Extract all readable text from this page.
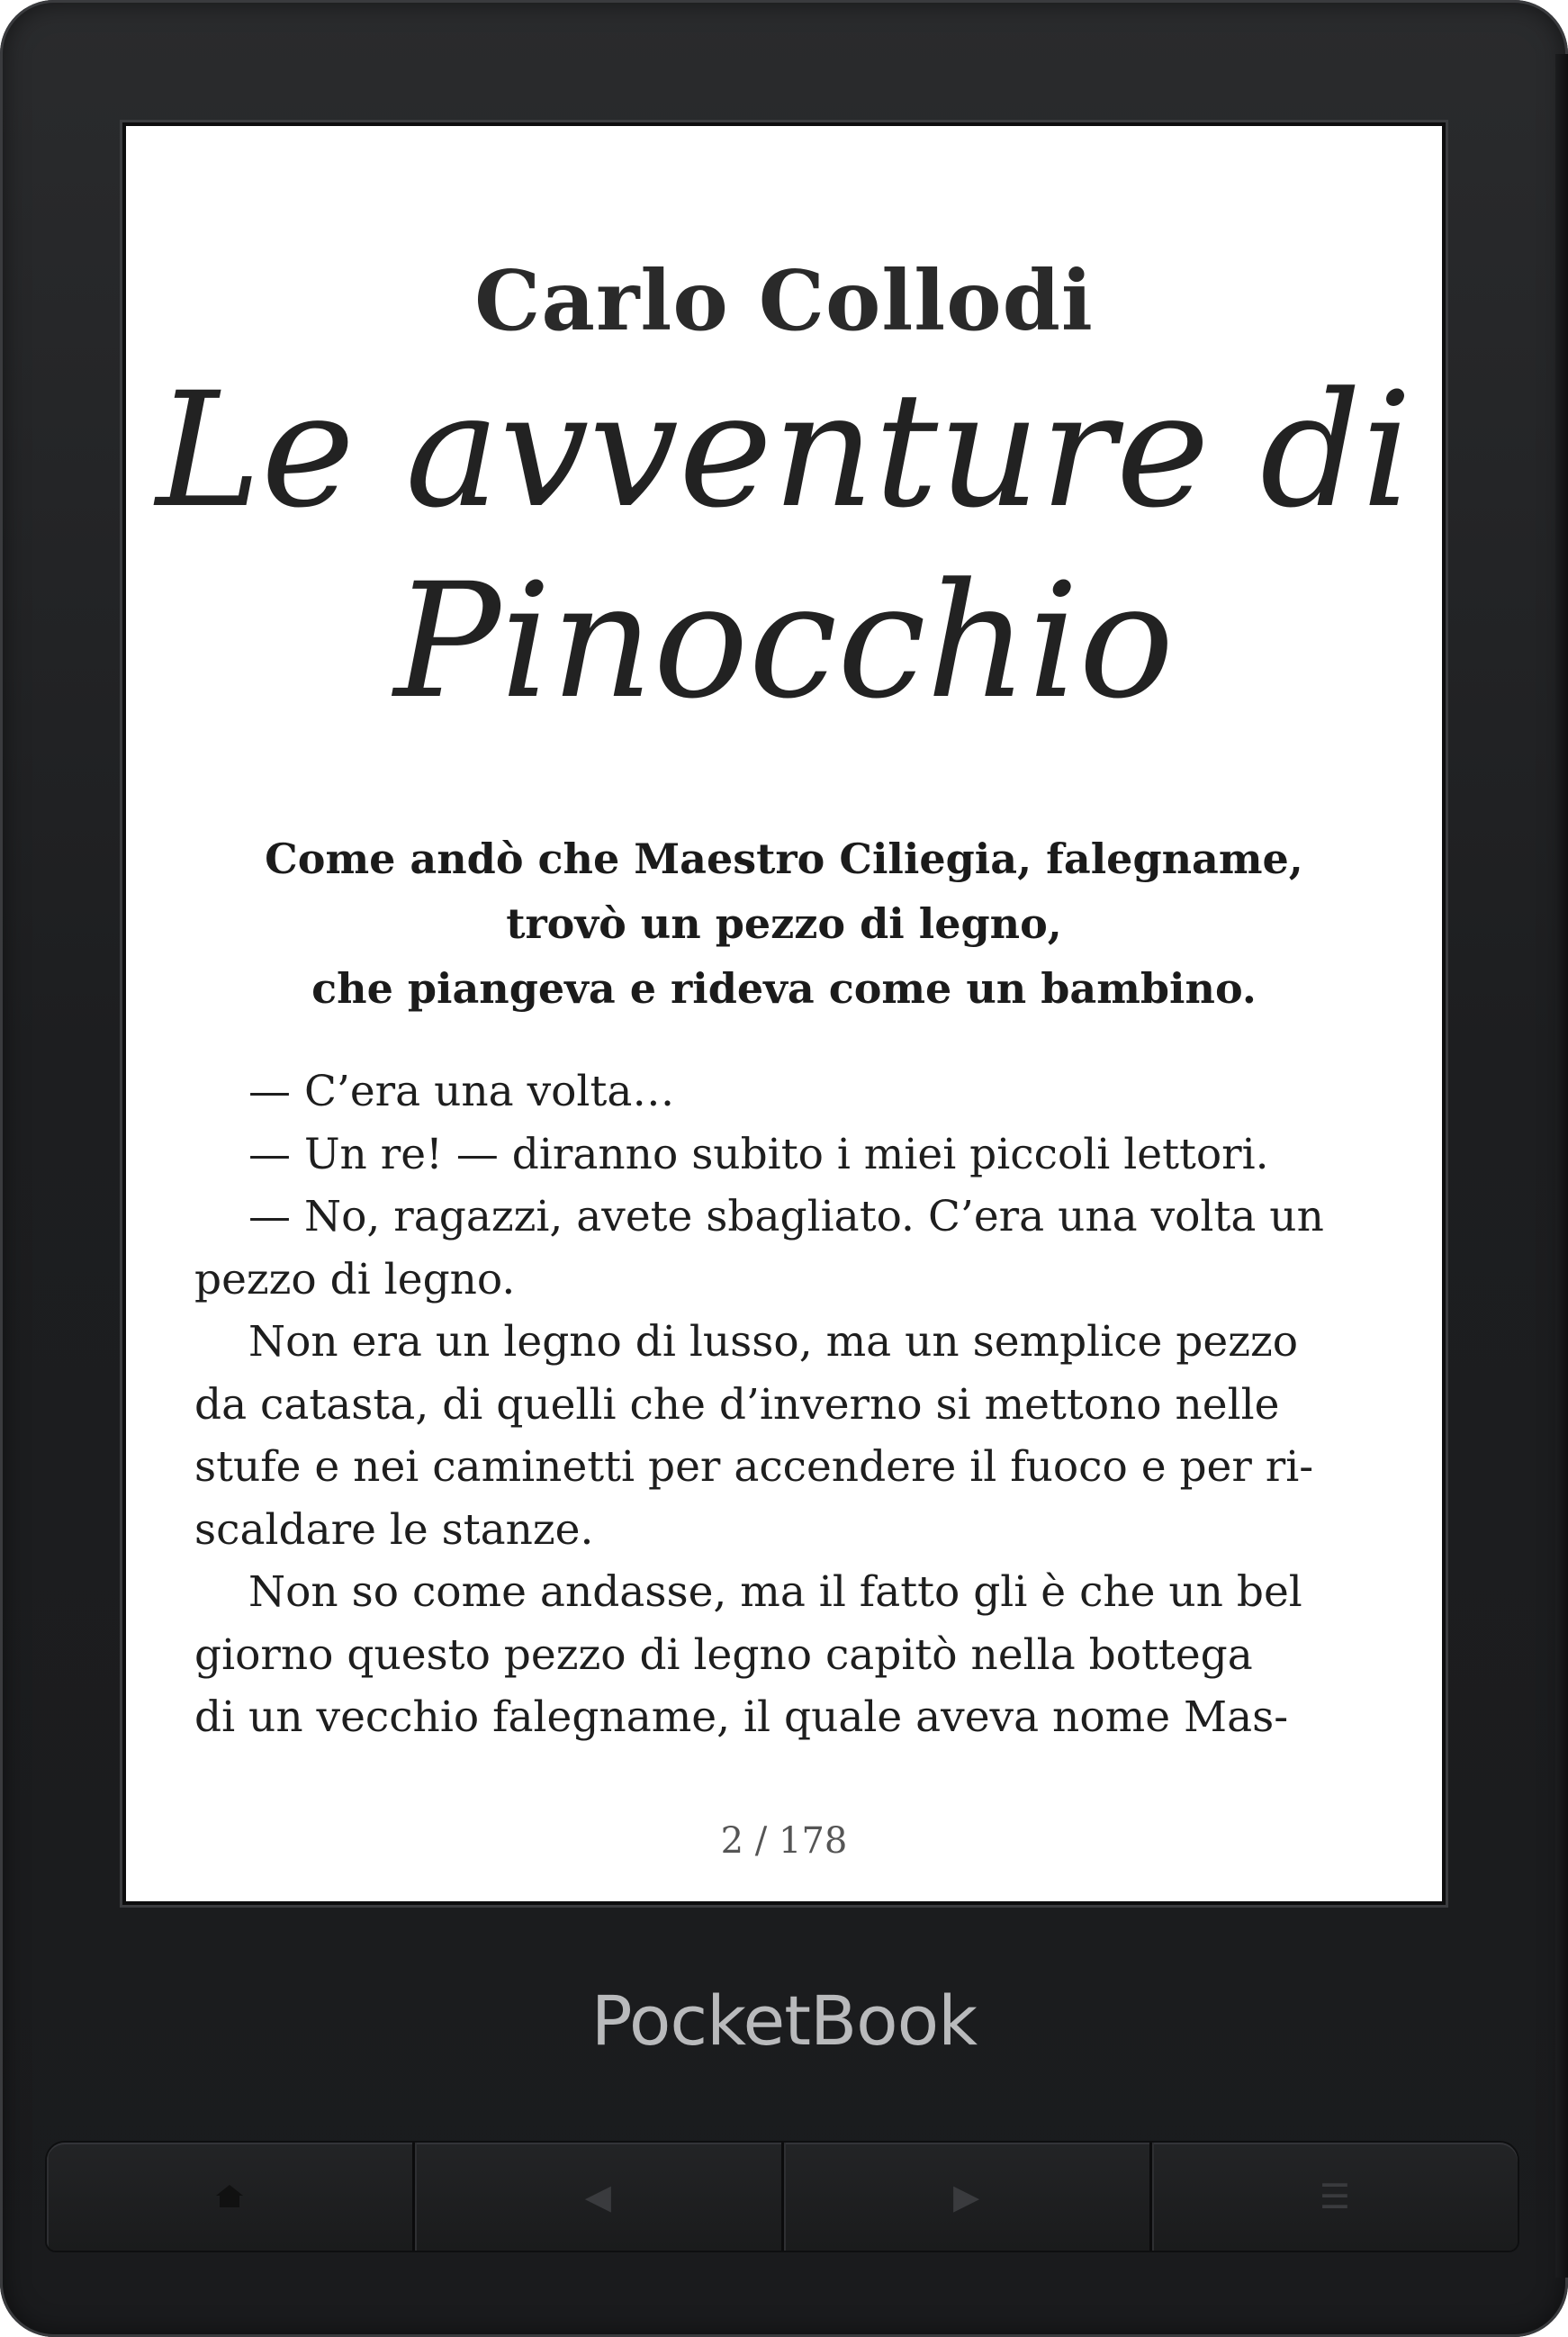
Carlo Collodi
Le avventure di
Pinocchio
Come andò che Maestro Ciliegia, falegname,
trovò un pezzo di legno,
che piangeva e rideva come un bambino.
— C’era una volta…
— Un re! — diranno subito i miei piccoli lettori.
— No, ragazzi, avete sbagliato. C’era una volta un
pezzo di legno.
Non era un legno di lusso, ma un semplice pezzo
da catasta, di quelli che d’inverno si mettono nelle
stufe e nei caminetti per accendere il fuoco e per ri-
scaldare le stanze.
Non so come andasse, ma il fatto gli è che un bel
giorno questo pezzo di legno capitò nella bottega
di un vecchio falegname, il quale aveva nome Mas-
2 / 178
PocketBook
◀	▶	☰
